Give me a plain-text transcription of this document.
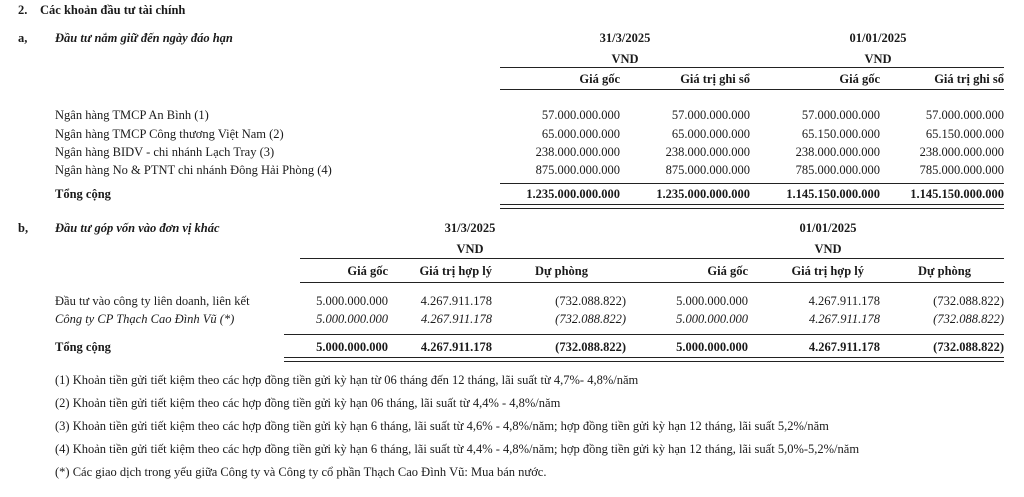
2. Các khoản đầu tư tài chính
a, Đầu tư nắm giữ đến ngày đáo hạn	31/3/2025	01/01/2025
VND	VND
Giá gốc	Giá trị ghi sổ	Giá gốc	Giá trị ghi sổ
Ngân hàng TMCP An Bình (1)	57.000.000.000	57.000.000.000	57.000.000.000	57.000.000.000
Ngân hàng TMCP Công thương Việt Nam (2)	65.000.000.000	65.000.000.000	65.150.000.000	65.150.000.000
Ngân hàng BIDV - chi nhánh Lạch Tray (3)	238.000.000.000	238.000.000.000	238.000.000.000	238.000.000.000
Ngân hàng No & PTNT chi nhánh Đông Hải Phòng (4)	875.000.000.000	875.000.000.000	785.000.000.000	785.000.000.000
Tổng cộng	1.235.000.000.000	1.235.000.000.000	1.145.150.000.000	1.145.150.000.000
b, Đầu tư góp vốn vào đơn vị khác	31/3/2025	01/01/2025
VND	VND
Giá gốc	Giá trị hợp lý	Dự phòng	Giá gốc	Giá trị hợp lý	Dự phòng
Đầu tư vào công ty liên doanh, liên kết	5.000.000.000	4.267.911.178	(732.088.822)	5.000.000.000	4.267.911.178	(732.088.822)
Công ty CP Thạch Cao Đình Vũ (*)	5.000.000.000	4.267.911.178	(732.088.822)	5.000.000.000	4.267.911.178	(732.088.822)
Tổng cộng	5.000.000.000	4.267.911.178	(732.088.822)	5.000.000.000	4.267.911.178	(732.088.822)
(1) Khoản tiền gửi tiết kiệm theo các hợp đồng tiền gửi kỳ hạn từ 06 tháng đến 12 tháng, lãi suất từ 4,7%- 4,8%/năm
(2) Khoản tiền gửi tiết kiệm theo các hợp đồng tiền gửi kỳ hạn 06 tháng, lãi suất từ 4,4% - 4,8%/năm
(3) Khoản tiền gửi tiết kiệm theo các hợp đồng tiền gửi kỳ hạn 6 tháng, lãi suất từ 4,6% - 4,8%/năm; hợp đồng tiền gửi kỳ hạn 12 tháng, lãi suất 5,2%/năm
(4) Khoản tiền gửi tiết kiệm theo các hợp đồng tiền gửi kỳ hạn 6 tháng, lãi suất từ 4,4% - 4,8%/năm; hợp đồng tiền gửi kỳ hạn 12 tháng, lãi suất 5,0%-5,2%/năm
(*) Các giao dịch trong yếu giữa Công ty và Công ty cổ phần Thạch Cao Đình Vũ: Mua bán nước.
